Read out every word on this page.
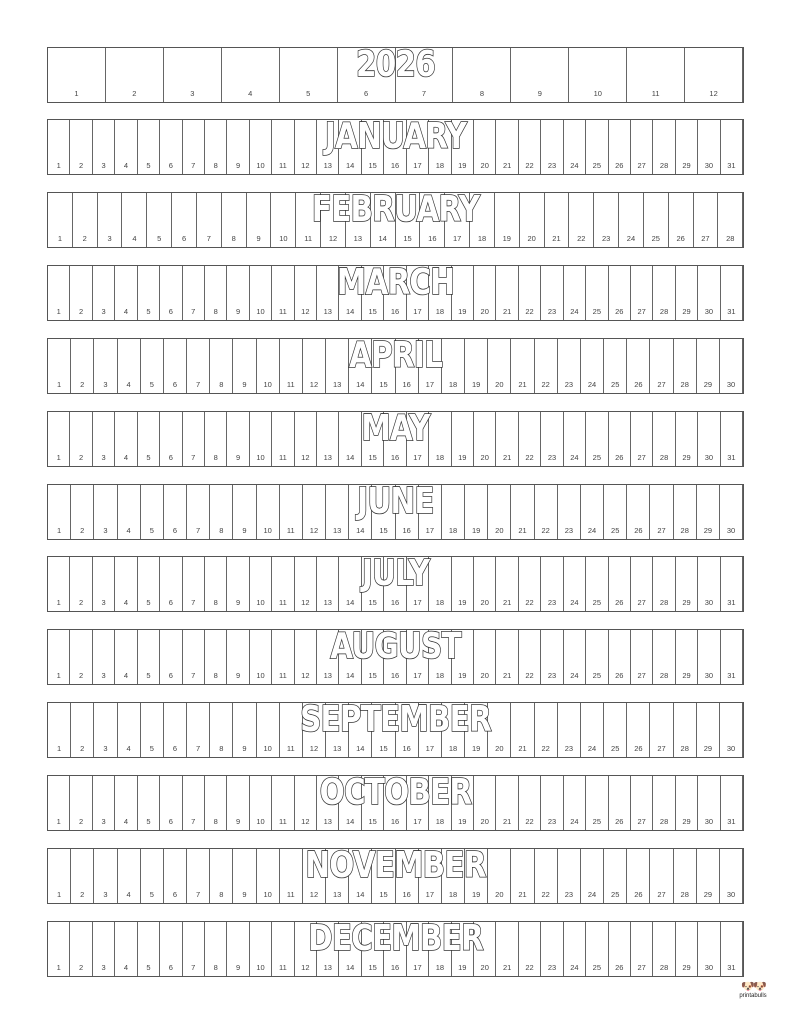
1	2	3	4	5	6	7	8	9	10	11	12
2026
1	2	3	4	5	6	7	8	9	10	11	12	13	14	15	16	17	18	19	20	21	22	23	24	25	26	27	28	29	30	31
JANUARY
1	2	3	4	5	6	7	8	9	10	11	12	13	14	15	16	17	18	19	20	21	22	23	24	25	26	27	28
FEBRUARY
1	2	3	4	5	6	7	8	9	10	11	12	13	14	15	16	17	18	19	20	21	22	23	24	25	26	27	28	29	30	31
MARCH
1	2	3	4	5	6	7	8	9	10	11	12	13	14	15	16	17	18	19	20	21	22	23	24	25	26	27	28	29	30
APRIL
1	2	3	4	5	6	7	8	9	10	11	12	13	14	15	16	17	18	19	20	21	22	23	24	25	26	27	28	29	30	31
MAY
1	2	3	4	5	6	7	8	9	10	11	12	13	14	15	16	17	18	19	20	21	22	23	24	25	26	27	28	29	30
JUNE
1	2	3	4	5	6	7	8	9	10	11	12	13	14	15	16	17	18	19	20	21	22	23	24	25	26	27	28	29	30	31
JULY
1	2	3	4	5	6	7	8	9	10	11	12	13	14	15	16	17	18	19	20	21	22	23	24	25	26	27	28	29	30	31
AUGUST
1	2	3	4	5	6	7	8	9	10	11	12	13	14	15	16	17	18	19	20	21	22	23	24	25	26	27	28	29	30
SEPTEMBER
1	2	3	4	5	6	7	8	9	10	11	12	13	14	15	16	17	18	19	20	21	22	23	24	25	26	27	28	29	30	31
OCTOBER
1	2	3	4	5	6	7	8	9	10	11	12	13	14	15	16	17	18	19	20	21	22	23	24	25	26	27	28	29	30
NOVEMBER
1	2	3	4	5	6	7	8	9	10	11	12	13	14	15	16	17	18	19	20	21	22	23	24	25	26	27	28	29	30	31
DECEMBER
🐶🐶
printabulls
